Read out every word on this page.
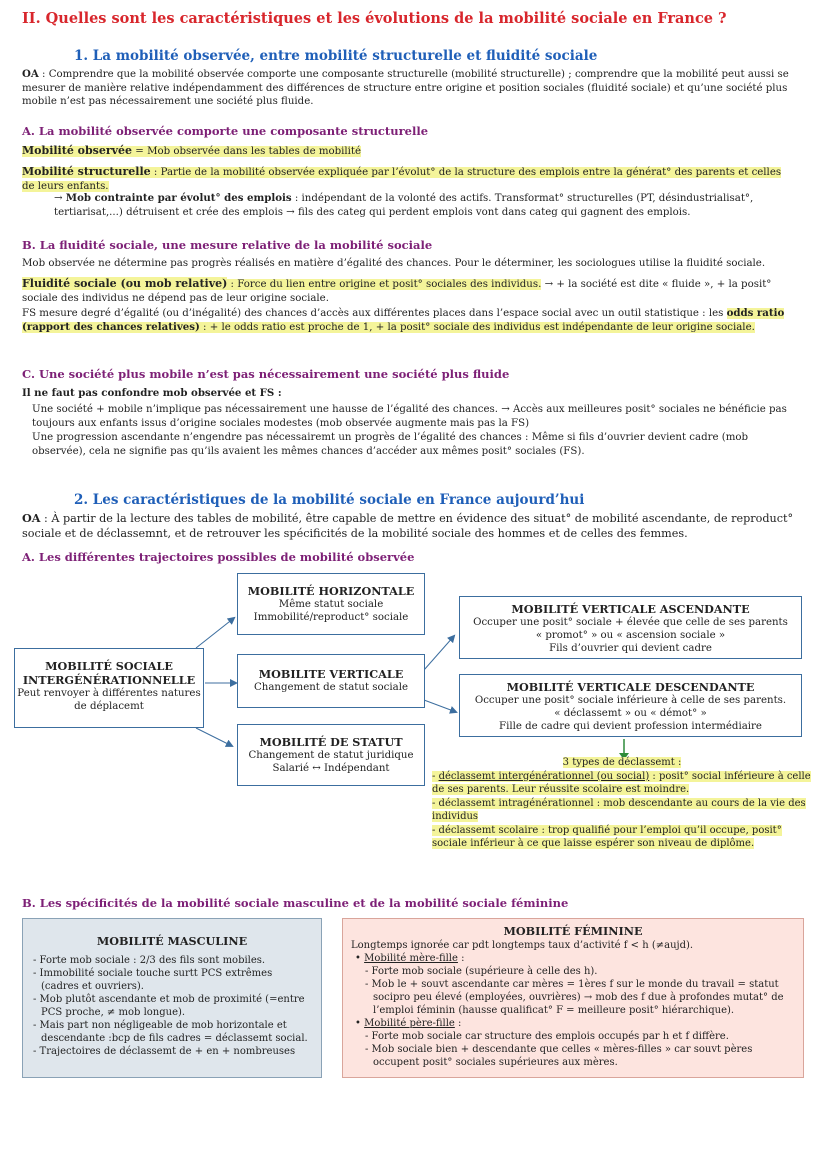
II. Quelles sont les caractéristiques et les évolutions de la mobilité sociale en France ?
1. La mobilité observée, entre mobilité structurelle et fluidité sociale
OA : Comprendre que la mobilité observée comporte une composante structurelle (mobilité structurelle) ; comprendre que la mobilité peut aussi se mesurer de manière relative indépendamment des différences de structure entre origine et position sociales (fluidité sociale) et qu’une société plus mobile n’est pas nécessairement une société plus fluide.
A. La mobilité observée comporte une composante structurelle
Mobilité observée = Mob observée dans les tables de mobilité
Mobilité structurelle : Partie de la mobilité observée expliquée par l’évolut° de la structure des emplois entre la générat° des parents et celles de leurs enfants.
→ Mob contrainte par évolut° des emplois : indépendant de la volonté des actifs. Transformat° structurelles (PT, désindustrialisat°, tertiarisat,...) détruisent et crée des emplois → fils des categ qui perdent emplois vont dans categ qui gagnent des emplois.
B. La fluidité sociale, une mesure relative de la mobilité sociale
Mob observée ne détermine pas progrès réalisés en matière d’égalité des chances. Pour le déterminer, les sociologues utilise la fluidité sociale.
Fluidité sociale (ou mob relative) : Force du lien entre origine et posit° sociales des individus. → + la société est dite « fluide », + la posit° sociale des individus ne dépend pas de leur origine sociale.
FS mesure degré d’égalité (ou d’inégalité) des chances d’accès aux différentes places dans l’espace social avec un outil statistique : les odds ratio (rapport des chances relatives) : + le odds ratio est proche de 1, + la posit° sociale des individus est indépendante de leur origine sociale.
C. Une société plus mobile n’est pas nécessairement une société plus fluide
Il ne faut pas confondre mob observée et FS :
Une société + mobile n’implique pas nécessairement une hausse de l’égalité des chances. → Accès aux meilleures posit° sociales ne bénéficie pas toujours aux enfants issus d’origine sociales modestes (mob observée augmente mais pas la FS)
Une progression ascendante n’engendre pas nécessairemt un progrès de l’égalité des chances : Même si fils d’ouvrier devient cadre (mob observée), cela ne signifie pas qu’ils avaient les mêmes chances d’accéder aux mêmes posit° sociales (FS).
2. Les caractéristiques de la mobilité sociale en France aujourd’hui
OA : À partir de la lecture des tables de mobilité, être capable de mettre en évidence des situat° de mobilité ascendante, de reproduct° sociale et de déclassemnt, et de retrouver les spécificités de la mobilité sociale des hommes et de celles des femmes.
A. Les différentes trajectoires possibles de mobilité observée
MOBILITÉ SOCIALE INTERGÉNÉRATIONNELLE
Peut renvoyer à différentes natures de déplacemt
MOBILITÉ HORIZONTALE
Même statut sociale
Immobilité/reproduct° sociale
MOBILITE VERTICALE
Changement de statut sociale
MOBILITÉ DE STATUT
Changement de statut juridique
Salarié ↔ Indépendant
MOBILITÉ VERTICALE ASCENDANTE
Occuper une posit° sociale + élevée que celle de ses parents
« promot° » ou « ascension sociale »
Fils d’ouvrier qui devient cadre
MOBILITÉ VERTICALE DESCENDANTE
Occuper une posit° sociale inférieure à celle de ses parents.
« déclassemt » ou « démot° »
Fille de cadre qui devient profession intermédiaire
3 types de déclassemt :
- déclassemt intergénérationnel (ou social) : posit° social inférieure à celle de ses parents. Leur réussite scolaire est moindre.
- déclassemt intragénérationnel : mob descendante au cours de la vie des individus
- déclassemt scolaire : trop qualifié pour l’emploi qu’il occupe, posit° sociale inférieur à ce que laisse espérer son niveau de diplôme.
B. Les spécificités de la mobilité sociale masculine et de la mobilité sociale féminine
MOBILITÉ MASCULINE
- Forte mob sociale : 2/3 des fils sont mobiles.
- Immobilité sociale touche surtt PCS extrêmes (cadres et ouvriers).
- Mob plutôt ascendante et mob de proximité (=entre PCS proche, ≠ mob longue).
- Mais part non négligeable de mob horizontale et descendante :bcp de fils cadres = déclassemt social.
- Trajectoires de déclassemt de + en + nombreuses
MOBILITÉ FÉMININE
Longtemps ignorée car pdt longtemps taux d’activité f < h (≠aujd).
• Mobilité mère-fille :
- Forte mob sociale (supérieure à celle des h).
- Mob le + souvt ascendante car mères = 1ères f sur le monde du travail = statut socipro peu élevé (employées, ouvrières) → mob des f due à profondes mutat° de l’emploi féminin (hausse qualificat° F = meilleure posit° hiérarchique).
• Mobilité père-fille :
- Forte mob sociale car structure des emplois occupés par h et f diffère.
- Mob sociale bien + descendante que celles « mères-filles » car souvt pères occupent posit° sociales supérieures aux mères.
